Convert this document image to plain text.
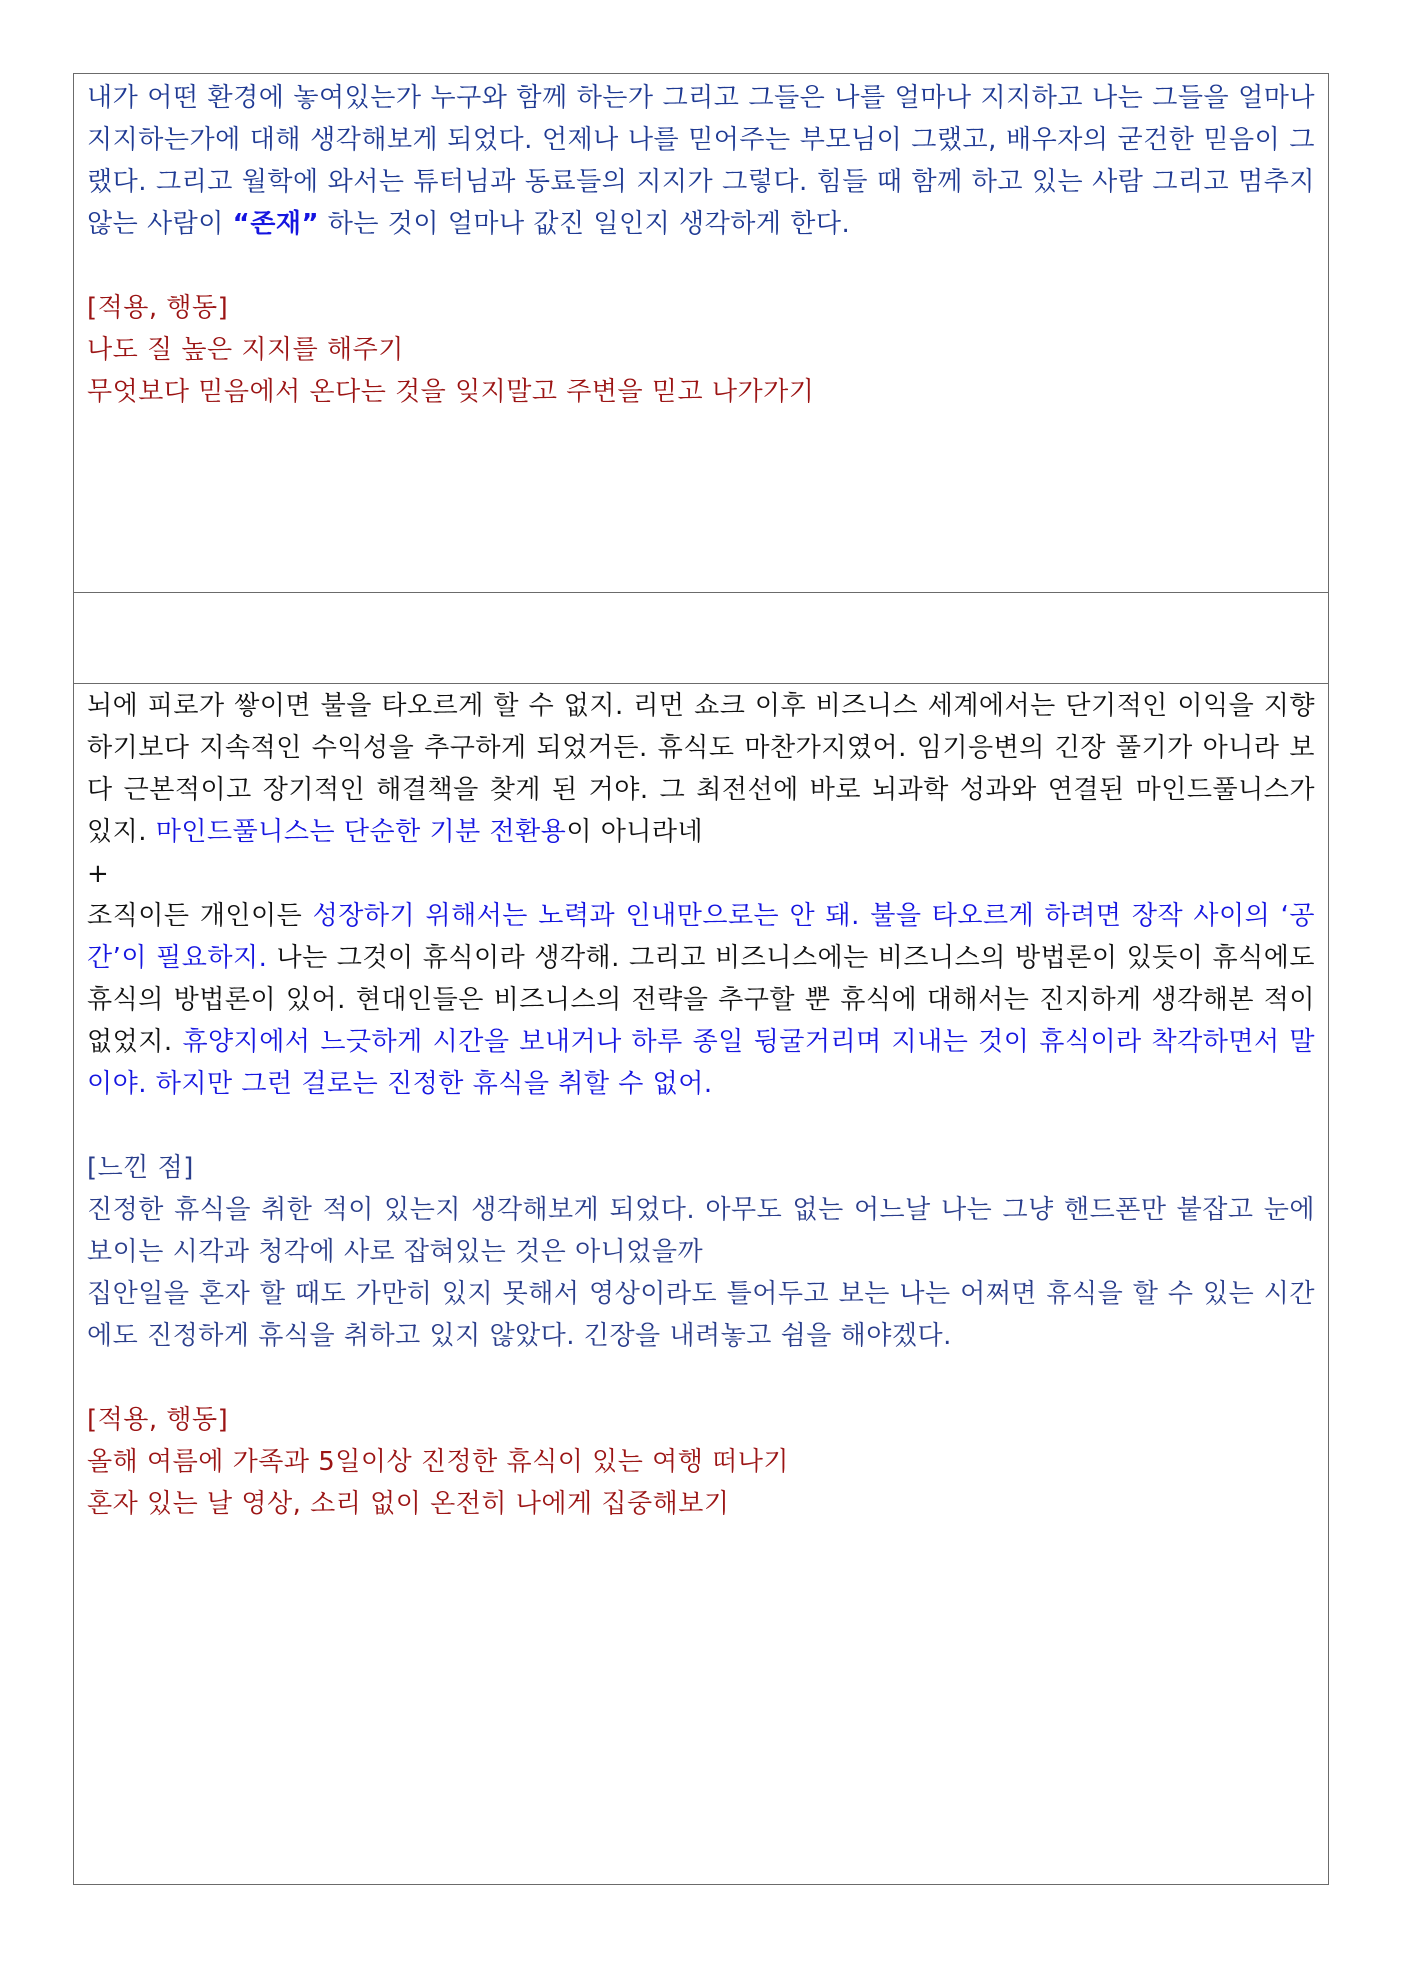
내가 어떤 환경에 놓여있는가 누구와 함께 하는가 그리고 그들은 나를 얼마나 지지하고 나는 그들을 얼마나 지지하는가에 대해 생각해보게 되었다. 언제나 나를 믿어주는 부모님이 그랬고, 배우자의 굳건한 믿음이 그랬다. 그리고 월학에 와서는 튜터님과 동료들의 지지가 그렇다. 힘들 때 함께 하고 있는 사람 그리고 멈추지 않는 사람이 “존재” 하는 것이 얼마나 값진 일인지 생각하게 한다.

[적용, 행동]

나도 질 높은 지지를 해주기

무엇보다 믿음에서 온다는 것을 잊지말고 주변을 믿고 나가가기

뇌에 피로가 쌓이면 불을 타오르게 할 수 없지. 리먼 쇼크 이후 비즈니스 세계에서는 단기적인 이익을 지향하기보다 지속적인 수익성을 추구하게 되었거든. 휴식도 마찬가지였어. 임기응변의 긴장 풀기가 아니라 보다 근본적이고 장기적인 해결책을 찾게 된 거야. 그 최전선에 바로 뇌과학 성과와 연결된 마인드풀니스가 있지. 마인드풀니스는 단순한 기분 전환용이 아니라네

+

조직이든 개인이든 성장하기 위해서는 노력과 인내만으로는 안 돼. 불을 타오르게 하려면 장작 사이의 ‘공간’이 필요하지. 나는 그것이 휴식이라 생각해. 그리고 비즈니스에는 비즈니스의 방법론이 있듯이 휴식에도 휴식의 방법론이 있어. 현대인들은 비즈니스의 전략을 추구할 뿐 휴식에 대해서는 진지하게 생각해본 적이 없었지. 휴양지에서 느긋하게 시간을 보내거나 하루 종일 뒹굴거리며 지내는 것이 휴식이라 착각하면서 말이야. 하지만 그런 걸로는 진정한 휴식을 취할 수 없어.

[느낀 점]

진정한 휴식을 취한 적이 있는지 생각해보게 되었다. 아무도 없는 어느날 나는 그냥 핸드폰만 붙잡고 눈에 보이는 시각과 청각에 사로 잡혀있는 것은 아니었을까

집안일을 혼자 할 때도 가만히 있지 못해서 영상이라도 틀어두고 보는 나는 어쩌면 휴식을 할 수 있는 시간에도 진정하게 휴식을 취하고 있지 않았다. 긴장을 내려놓고 쉼을 해야겠다.

[적용, 행동]

올해 여름에 가족과 5일이상 진정한 휴식이 있는 여행 떠나기

혼자 있는 날 영상, 소리 없이 온전히 나에게 집중해보기
